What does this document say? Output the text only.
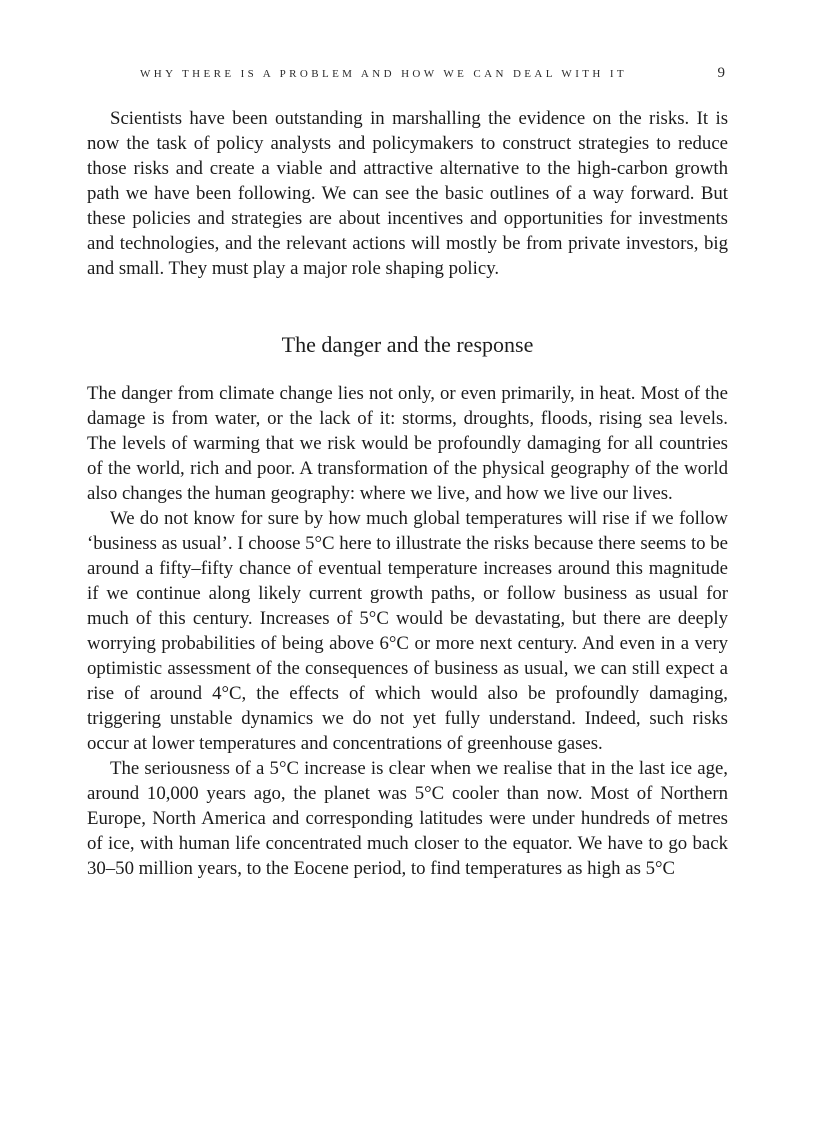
WHY THERE IS A PROBLEM AND HOW WE CAN DEAL WITH IT	9

Scientists have been outstanding in marshalling the evidence on the risks. It is now the task of policy analysts and policymakers to construct strategies to reduce those risks and create a viable and attractive alternative to the high-carbon growth path we have been following. We can see the basic outlines of a way forward. But these policies and strategies are about incentives and opportunities for investments and technologies, and the relevant actions will mostly be from private investors, big and small. They must play a major role shaping policy.

The danger and the response

The danger from climate change lies not only, or even primarily, in heat. Most of the damage is from water, or the lack of it: storms, droughts, floods, rising sea levels. The levels of warming that we risk would be profoundly damaging for all countries of the world, rich and poor. A transformation of the physical geography of the world also changes the human geography: where we live, and how we live our lives.

We do not know for sure by how much global temperatures will rise if we follow ‘business as usual’. I choose 5°C here to illustrate the risks because there seems to be around a fifty–fifty chance of eventual temperature increases around this magnitude if we continue along likely current growth paths, or follow business as usual for much of this century. Increases of 5°C would be devastating, but there are deeply worrying probabilities of being above 6°C or more next century. And even in a very optimistic assessment of the consequences of business as usual, we can still expect a rise of around 4°C, the effects of which would also be profoundly damaging, triggering unstable dynamics we do not yet fully understand. Indeed, such risks occur at lower temperatures and concentrations of greenhouse gases.

The seriousness of a 5°C increase is clear when we realise that in the last ice age, around 10,000 years ago, the planet was 5°C cooler than now. Most of Northern Europe, North America and corresponding latitudes were under hundreds of metres of ice, with human life concentrated much closer to the equator. We have to go back 30–50 million years, to the Eocene period, to find temperatures as high as 5°C
